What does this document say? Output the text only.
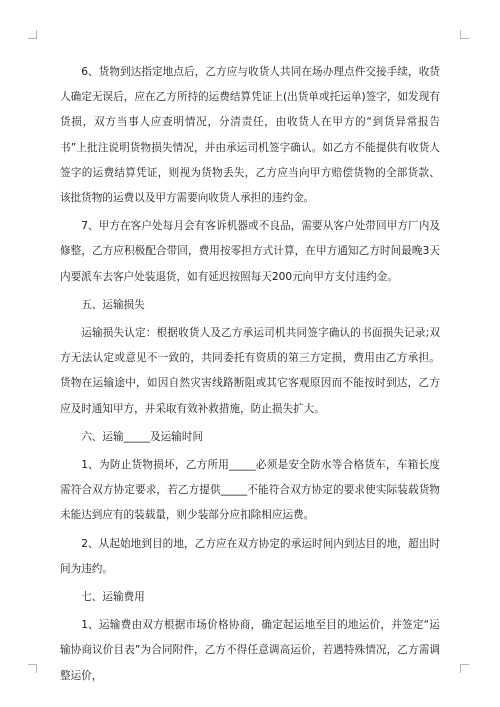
6、货物到达指定地点后，乙方应与收货人共同在场办理点件交接手续，收货人确定无误后，应在乙方所持的运费结算凭证上(出货单或托运单)签字，如发现有货损，双方当事人应查明情况，分清责任，由收货人在甲方的“到货异常报告书”上批注说明货物损失情况，并由承运司机签字确认。如乙方不能提供有收货人签字的运费结算凭证，则视为货物丢失，乙方应当向甲方赔偿货物的全部货款、该批货物的运费以及甲方需要向收货人承担的违约金。

7、甲方在客户处每月会有客诉机器或不良品，需要从客户处带回甲方厂内及修整，乙方应积极配合带回，费用按零担方式计算，在甲方通知乙方时间最晚3天内要派车去客户处装退货，如有延迟按照每天200元向甲方支付违约金。

五、运输损失

运输损失认定：根据收货人及乙方承运司机共同签字确认的书面损失记录;双方无法认定或意见不一致的，共同委托有资质的第三方定损，费用由乙方承担。货物在运输途中，如因自然灾害线路断阻或其它客观原因而不能按时到达，乙方应及时通知甲方，并采取有效补救措施，防止损失扩大。

六、运输_____及运输时间

1、为防止货物损坏，乙方所用_____必须是安全防水等合格货车，车箱长度需符合双方协定要求，若乙方提供_____不能符合双方协定的要求使实际装载货物未能达到应有的装载量，则少装部分应扣除相应运费。

2、从起始地到目的地，乙方应在双方协定的承运时间内到达目的地，超出时间为违约。

七、运输费用

1、运输费由双方根据市场价格协商，确定起运地至目的地运价，并签定“运输协商议价目表”为合同附件，乙方不得任意调高运价，若遇特殊情况，乙方需调整运价，
